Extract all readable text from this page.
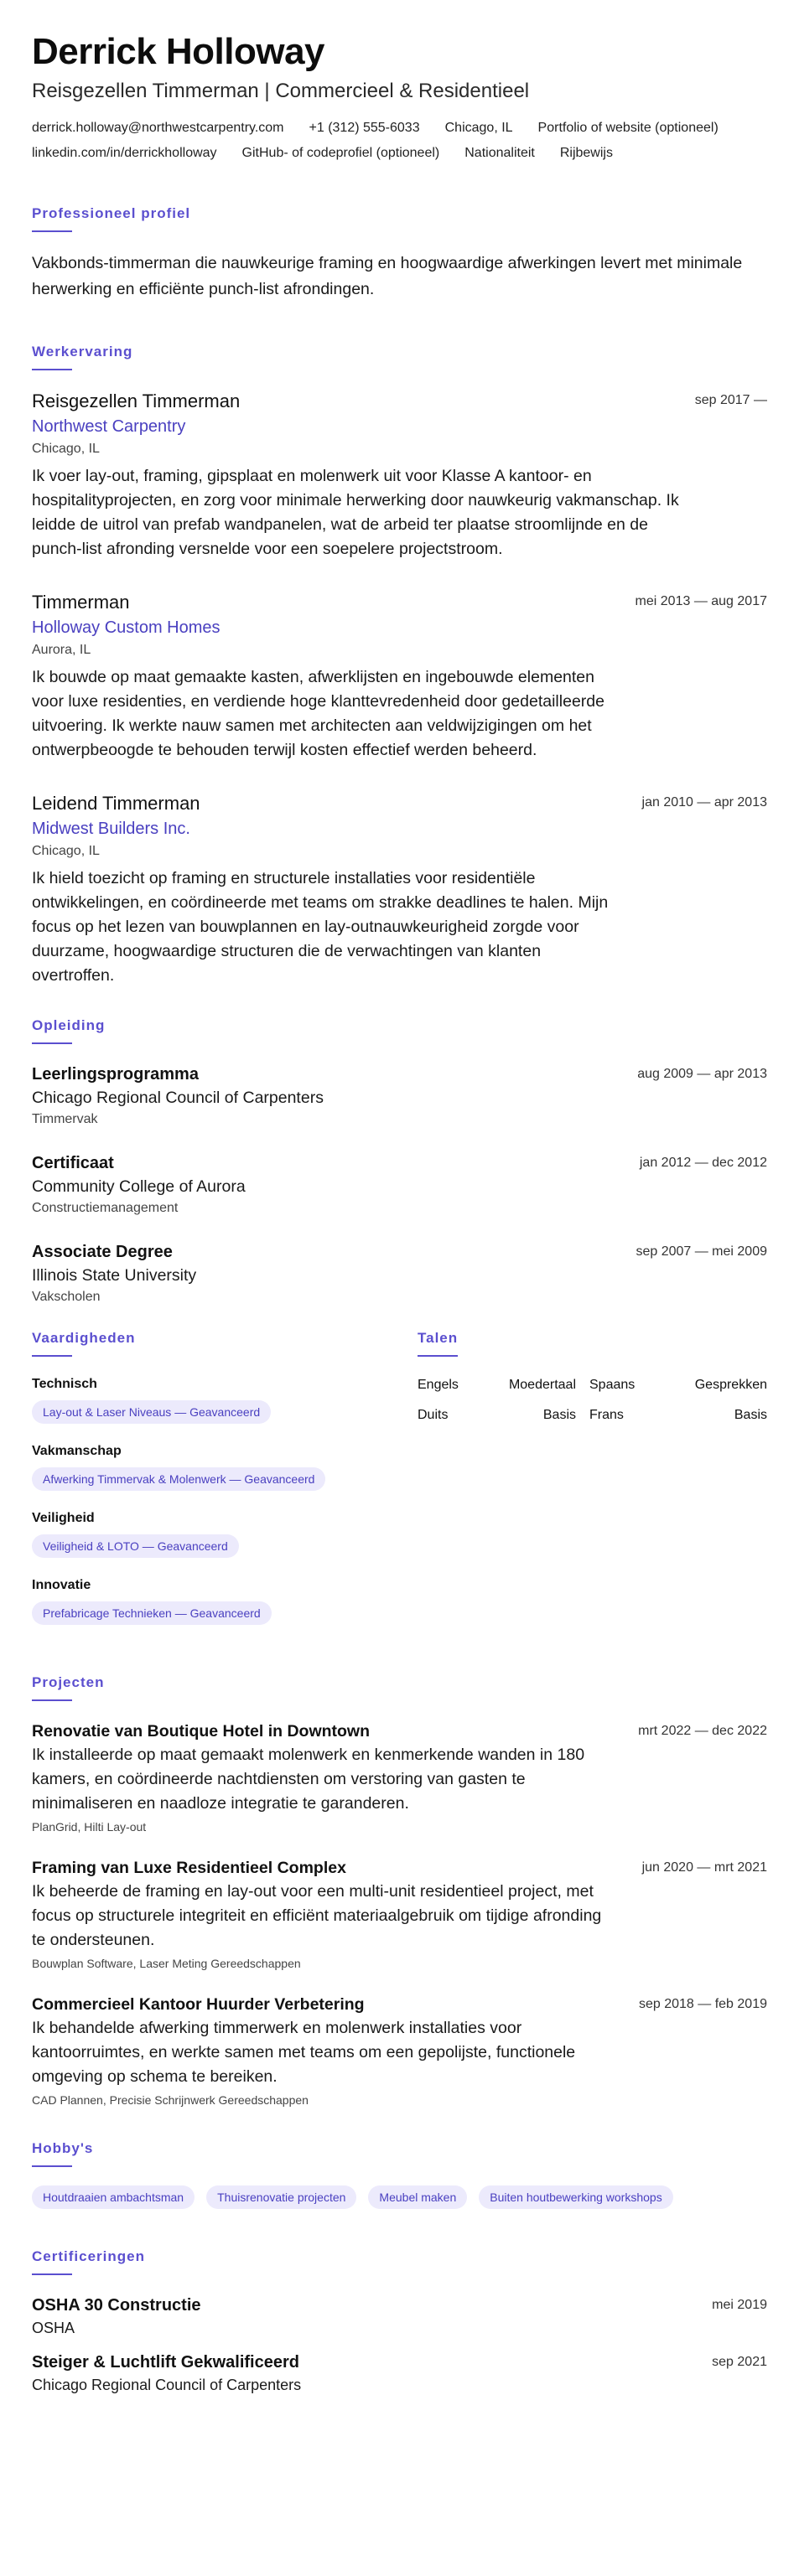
Derrick Holloway
Reisgezellen Timmerman | Commercieel & Residentieel
derrick.holloway@northwestcarpentry.com +1 (312) 555-6033 Chicago, IL Portfolio of website (optioneel)
linkedin.com/in/derrickholloway GitHub- of codeprofiel (optioneel) Nationaliteit Rijbewijs
Professioneel profiel
Vakbonds-timmerman die nauwkeurige framing en hoogwaardige afwerkingen levert met minimale herwerking en efficiënte punch-list afrondingen.
Werkervaring
Reisgezellen Timmerman	sep 2017 —
Northwest Carpentry
Chicago, IL
Ik voer lay-out, framing, gipsplaat en molenwerk uit voor Klasse A kantoor- en hospitalityprojecten, en zorg voor minimale herwerking door nauwkeurig vakmanschap. Ik leidde de uitrol van prefab wandpanelen, wat de arbeid ter plaatse stroomlijnde en de punch-list afronding versnelde voor een soepelere projectstroom.
Timmerman	mei 2013 — aug 2017
Holloway Custom Homes
Aurora, IL
Ik bouwde op maat gemaakte kasten, afwerklijsten en ingebouwde elementen voor luxe residenties, en verdiende hoge klanttevredenheid door gedetailleerde uitvoering. Ik werkte nauw samen met architecten aan veldwijzigingen om het ontwerpbeoogde te behouden terwijl kosten effectief werden beheerd.
Leidend Timmerman	jan 2010 — apr 2013
Midwest Builders Inc.
Chicago, IL
Ik hield toezicht op framing en structurele installaties voor residentiële ontwikkelingen, en coördineerde met teams om strakke deadlines te halen. Mijn focus op het lezen van bouwplannen en lay-outnauwkeurigheid zorgde voor duurzame, hoogwaardige structuren die de verwachtingen van klanten overtroffen.
Opleiding
Leerlingsprogramma	aug 2009 — apr 2013
Chicago Regional Council of Carpenters
Timmervak
Certificaat	jan 2012 — dec 2012
Community College of Aurora
Constructiemanagement
Associate Degree	sep 2007 — mei 2009
Illinois State University
Vakscholen
Vaardigheden
Technisch
Lay-out & Laser Niveaus — Geavanceerd
Vakmanschap
Afwerking Timmervak & Molenwerk — Geavanceerd
Veiligheid
Veiligheid & LOTO — Geavanceerd
Innovatie
Prefabricage Technieken — Geavanceerd
Talen
Engels	Moedertaal Spaans	Gesprekken
Duits	Basis Frans	Basis
Projecten
Renovatie van Boutique Hotel in Downtown	mrt 2022 — dec 2022
Ik installeerde op maat gemaakt molenwerk en kenmerkende wanden in 180 kamers, en coördineerde nachtdiensten om verstoring van gasten te minimaliseren en naadloze integratie te garanderen.
PlanGrid, Hilti Lay-out
Framing van Luxe Residentieel Complex	jun 2020 — mrt 2021
Ik beheerde de framing en lay-out voor een multi-unit residentieel project, met focus op structurele integriteit en efficiënt materiaalgebruik om tijdige afronding te ondersteunen.
Bouwplan Software, Laser Meting Gereedschappen
Commercieel Kantoor Huurder Verbetering	sep 2018 — feb 2019
Ik behandelde afwerking timmerwerk en molenwerk installaties voor kantoorruimtes, en werkte samen met teams om een gepolijste, functionele omgeving op schema te bereiken.
CAD Plannen, Precisie Schrijnwerk Gereedschappen
Hobby's
Houtdraaien ambachtsman	Thuisrenovatie projecten	Meubel maken	Buiten houtbewerking workshops
Certificeringen
OSHA 30 Constructie	mei 2019
OSHA
Steiger & Luchtlift Gekwalificeerd	sep 2021
Chicago Regional Council of Carpenters
